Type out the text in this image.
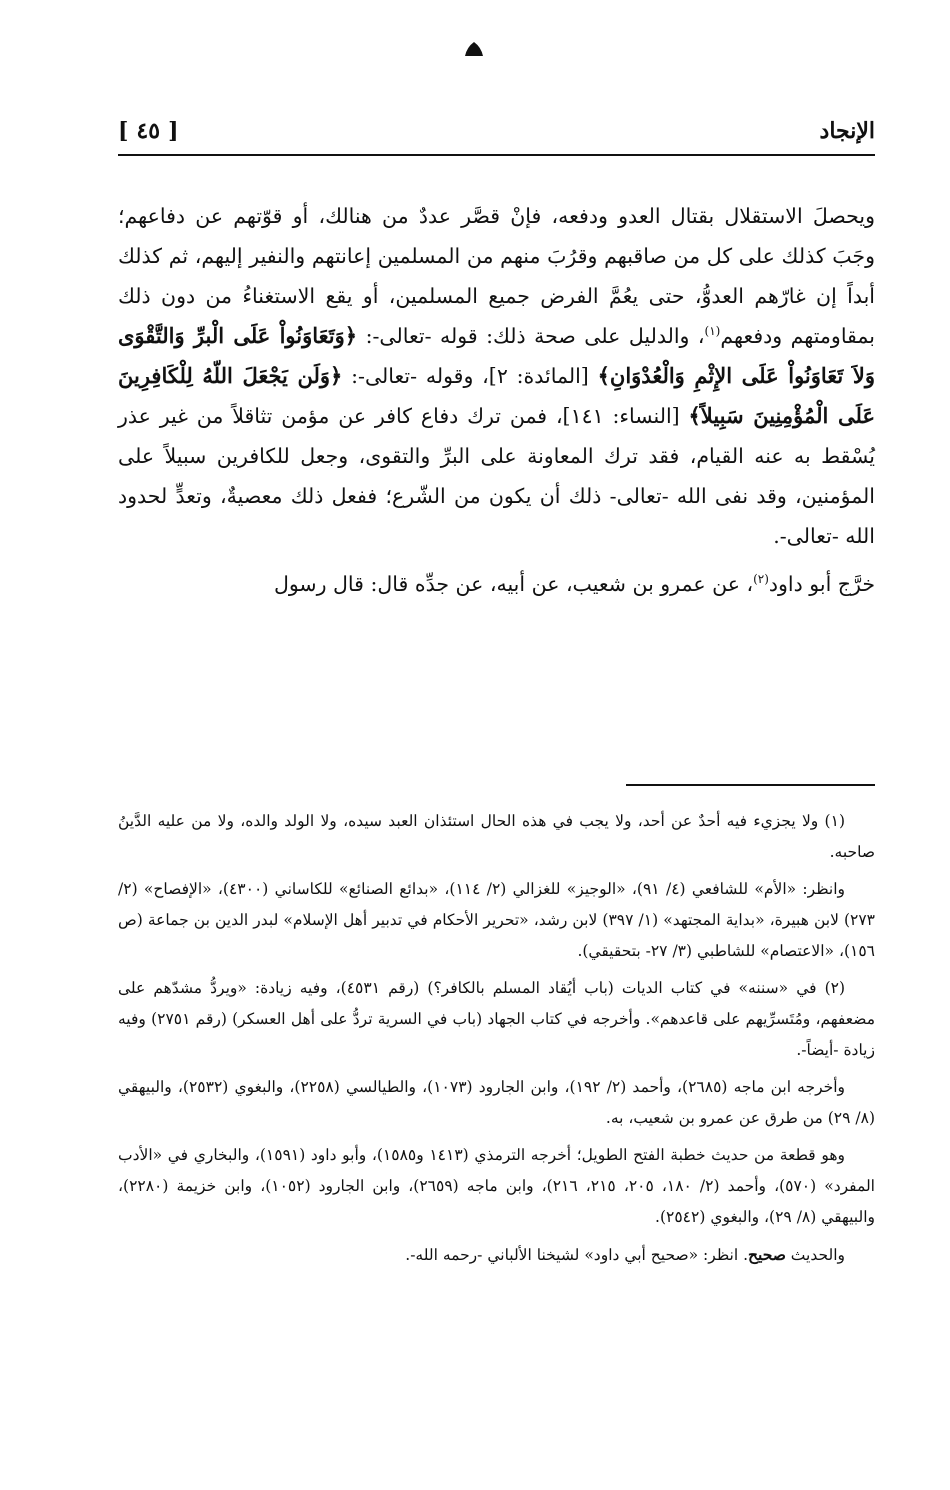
الإنجاد
[ ٤٥ ]

ويحصلَ الاستقلال بقتال العدو ودفعه، فإنْ قصَّر عددٌ من هنالك، أو قوّتهم عن دفاعهم؛ وجَبَ كذلك على كل من صاقبهم وقرُبَ منهم من المسلمين إعانتهم والنفير إليهم، ثم كذلك أبداً إن غارّهم العدوُّ، حتى يعُمَّ الفرض جميع المسلمين، أو يقع الاستغناءُ من دون ذلك بمقاومتهم ودفعهم$^{(١)}$، والدليل على صحة ذلك: قوله -تعالى-: ﴿وَتَعَاوَنُواْ عَلَى الْبرِّ وَالتَّقْوَى وَلاَ تَعَاوَنُواْ عَلَى الإِثْمِ وَالْعُدْوَانِ﴾ [المائدة: ٢]، وقوله -تعالى-: ﴿وَلَن يَجْعَلَ اللّهُ لِلْكَافِرِينَ عَلَى الْمُؤْمِنِينَ سَبِيلاً﴾ [النساء: ١٤١]، فمن ترك دفاع كافر عن مؤمن تثاقلاً من غير عذر يُسْقط به عنه القيام، فقد ترك المعاونة على البرِّ والتقوى، وجعل للكافرين سبيلاً على المؤمنين، وقد نفى الله -تعالى- ذلك أن يكون من الشّرع؛ ففعل ذلك معصيةٌ، وتعدٍّ لحدود الله -تعالى-.

خرَّج أبو داود$^{(٢)}$، عن عمرو بن شعيب، عن أبيه، عن جدِّه قال: قال رسول

(١) ولا يجزيء فيه أحدٌ عن أحد، ولا يجب في هذه الحال استئذان العبد سيده، ولا الولد والده، ولا من عليه الدَّينُ صاحبه.

وانظر: «الأم» للشافعي (٤/ ٩١)، «الوجيز» للغزالي (٢/ ١١٤)، «بدائع الصنائع» للكاساني (٤٣٠٠)، «الإفصاح» (٢/ ٢٧٣) لابن هبيرة، «بداية المجتهد» (١/ ٣٩٧) لابن رشد، «تحرير الأحكام في تدبير أهل الإسلام» لبدر الدين بن جماعة (ص ١٥٦)، «الاعتصام» للشاطبي (٣/ ٢٧- بتحقيقي).

(٢) في «سننه» في كتاب الديات (باب أيُقاد المسلم بالكافر؟) (رقم ٤٥٣١)، وفيه زيادة: «ويردُّ مشدّهم على مضعفهم، ومُتَسرِّيهم على قاعدهم». وأخرجه في كتاب الجهاد (باب في السرية تردُّ على أهل العسكر) (رقم ٢٧٥١) وفيه زيادة -أيضاً-.

وأخرجه ابن ماجه (٢٦٨٥)، وأحمد (٢/ ١٩٢)، وابن الجارود (١٠٧٣)، والطيالسي (٢٢٥٨)، والبغوي (٢٥٣٢)، والبيهقي (٨/ ٢٩) من طرق عن عمرو بن شعيب، به.

وهو قطعة من حديث خطبة الفتح الطويل؛ أخرجه الترمذي (١٤١٣ و١٥٨٥)، وأبو داود (١٥٩١)، والبخاري في «الأدب المفرد» (٥٧٠)، وأحمد (٢/ ١٨٠، ٢٠٥، ٢١٥، ٢١٦)، وابن ماجه (٢٦٥٩)، وابن الجارود (١٠٥٢)، وابن خزيمة (٢٢٨٠)، والبيهقي (٨/ ٢٩)، والبغوي (٢٥٤٢).

والحديث صحيح. انظر: «صحيح أبي داود» لشيخنا الألباني -رحمه الله-.
